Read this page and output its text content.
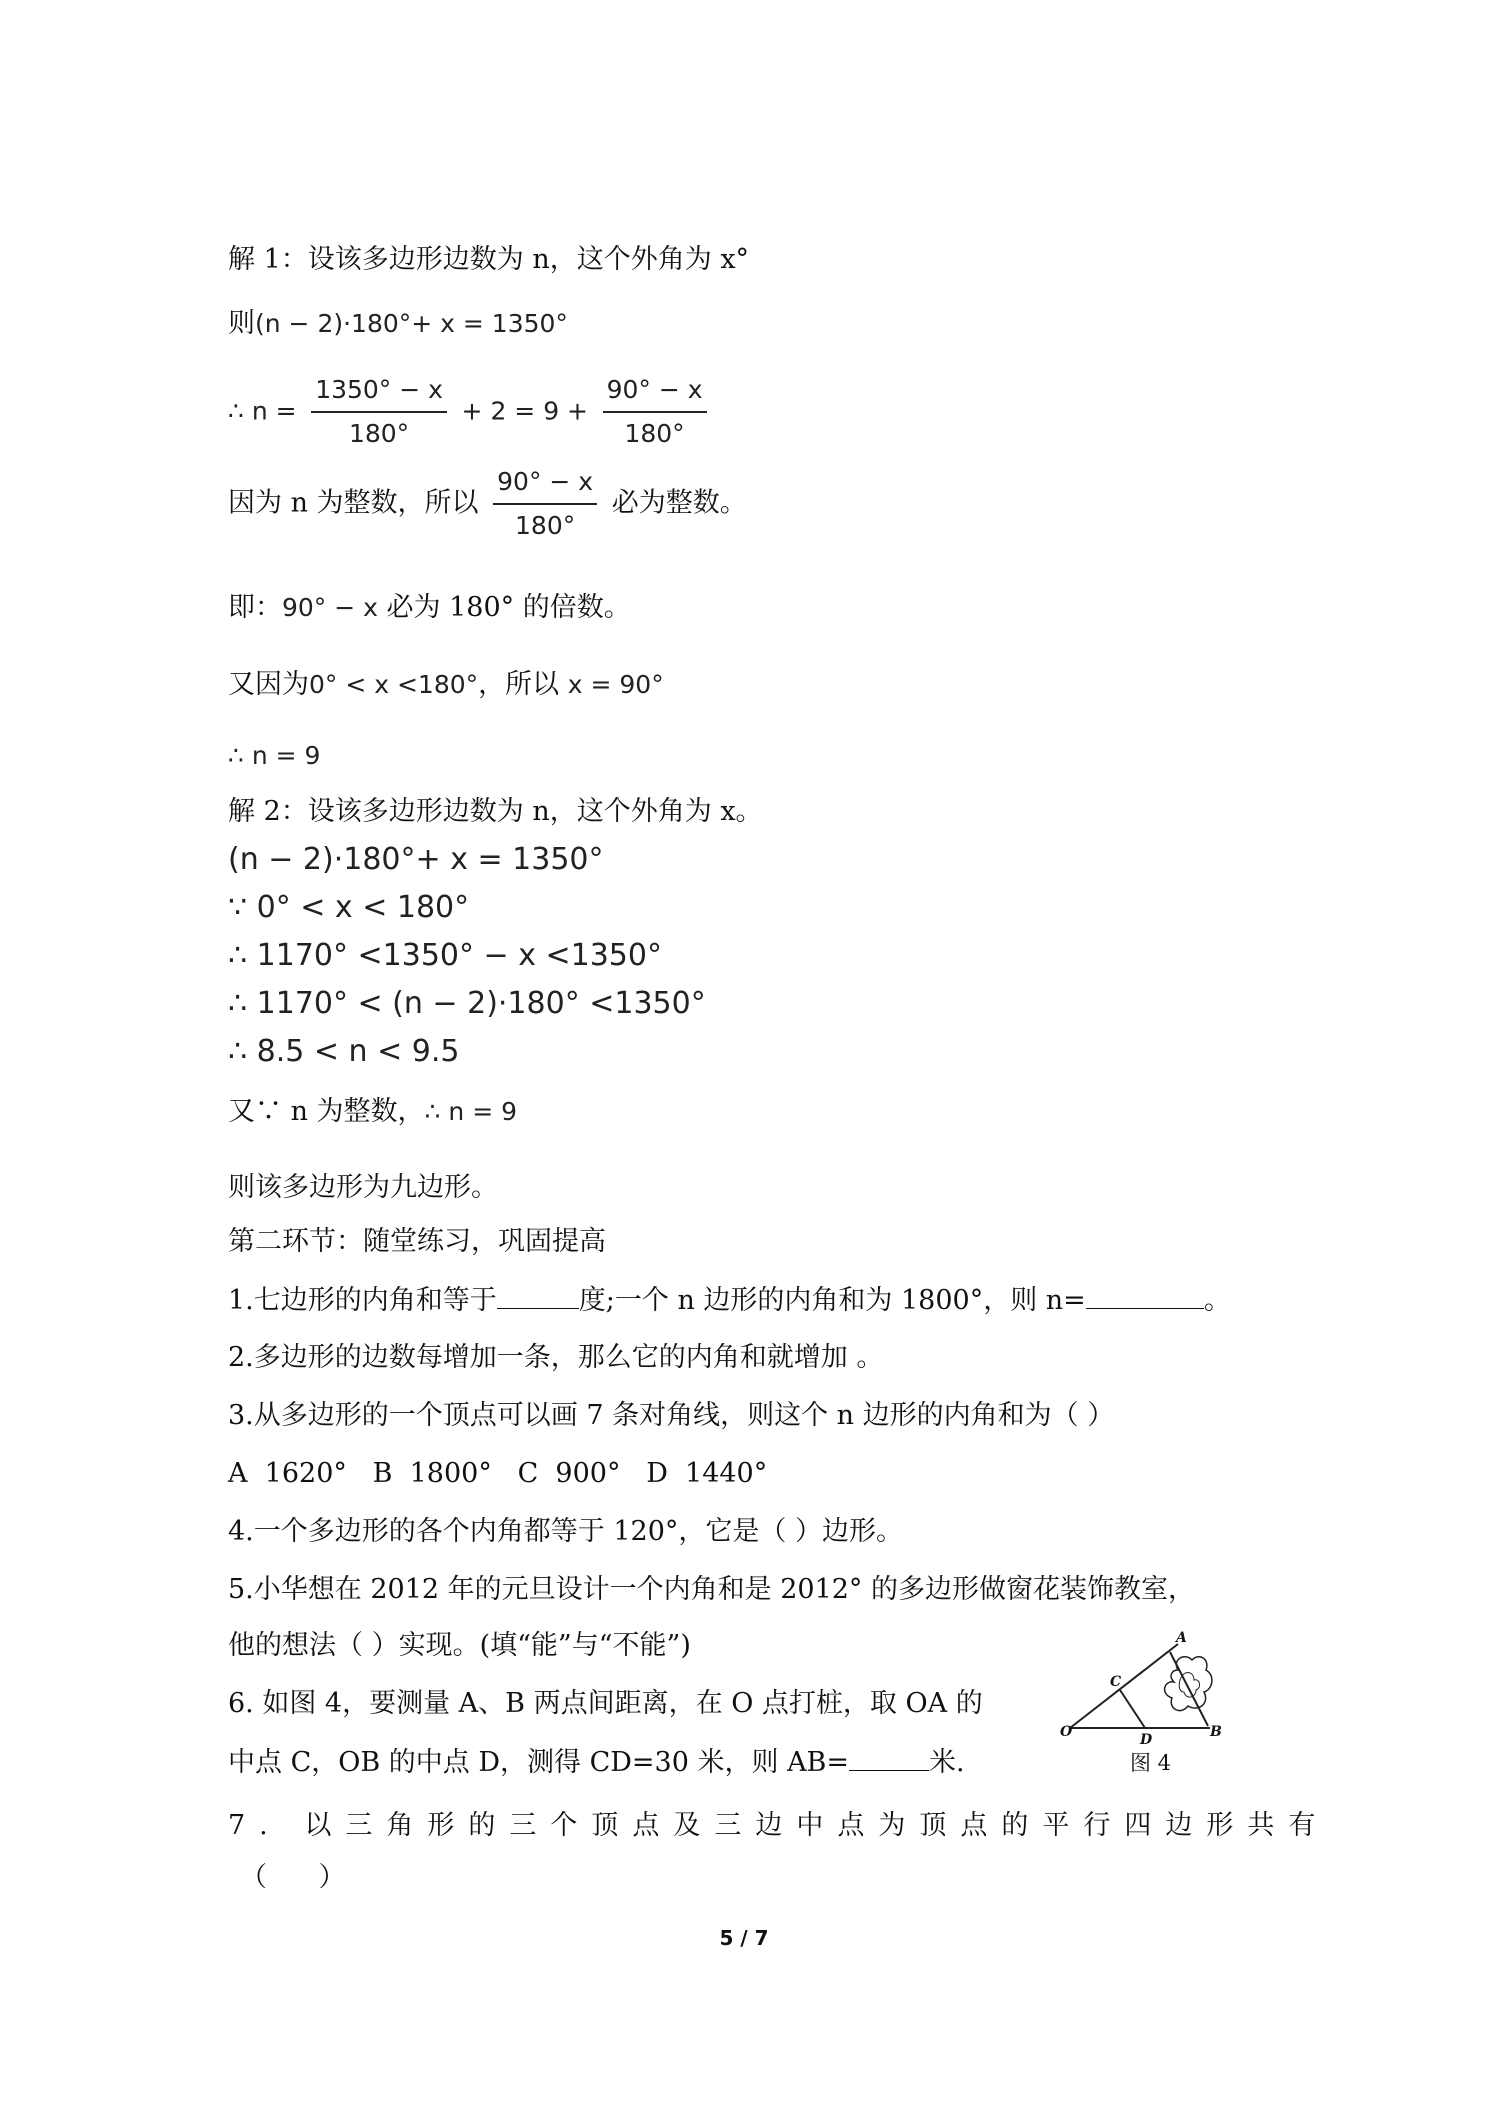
解 1：设该多边形边数为 n，这个外角为 x°
则(n − 2)·180°+ x = 1350°
∴ $n = \frac{1350^\circ - x}{180^\circ} + 2 = 9 + \frac{90^\circ - x}{180^\circ}$
因为 n 为整数，所以 $\frac{90^\circ - x}{180^\circ}$ 必为整数。
即：90° − x 必为 180° 的倍数。
又因为0° < x <180°，所以 x = 90°
∴ n = 9
解 2：设该多边形边数为 n，这个外角为 x。
(n − 2)·180°+ x = 1350°
∵ 0° < x < 180°
∴ 1170° <1350° − x <1350°
∴ 1170° < (n − 2)·180° <1350°
∴ 8.5 < n < 9.5
又∵ n 为整数，∴ n = 9
则该多边形为九边形。
第二环节：随堂练习，巩固提高
1.七边形的内角和等于	度;一个 n 边形的内角和为 1800°，则 n=	。
2.多边形的边数每增加一条，那么它的内角和就增加 。
3.从多边形的一个顶点可以画 7 条对角线，则这个 n 边形的内角和为（ ）
A  1620°   B  1800°   C  900°   D  1440°
4.一个多边形的各个内角都等于 120°，它是（ ）边形。
5.小华想在 2012 年的元旦设计一个内角和是 2012° 的多边形做窗花装饰教室，
他的想法（ ）实现。(填“能”与“不能”)
6. 如图 4，要测量 A、B 两点间距离，在 O 点打桩，取 OA 的
中点 C，OB 的中点 D，测得 CD=30 米，则 AB=	米.
A
C
O	D	B
图 4
7. 以三角形的三个顶点及三边中点为顶点的平行四边形共有
（      ）
5 / 7
